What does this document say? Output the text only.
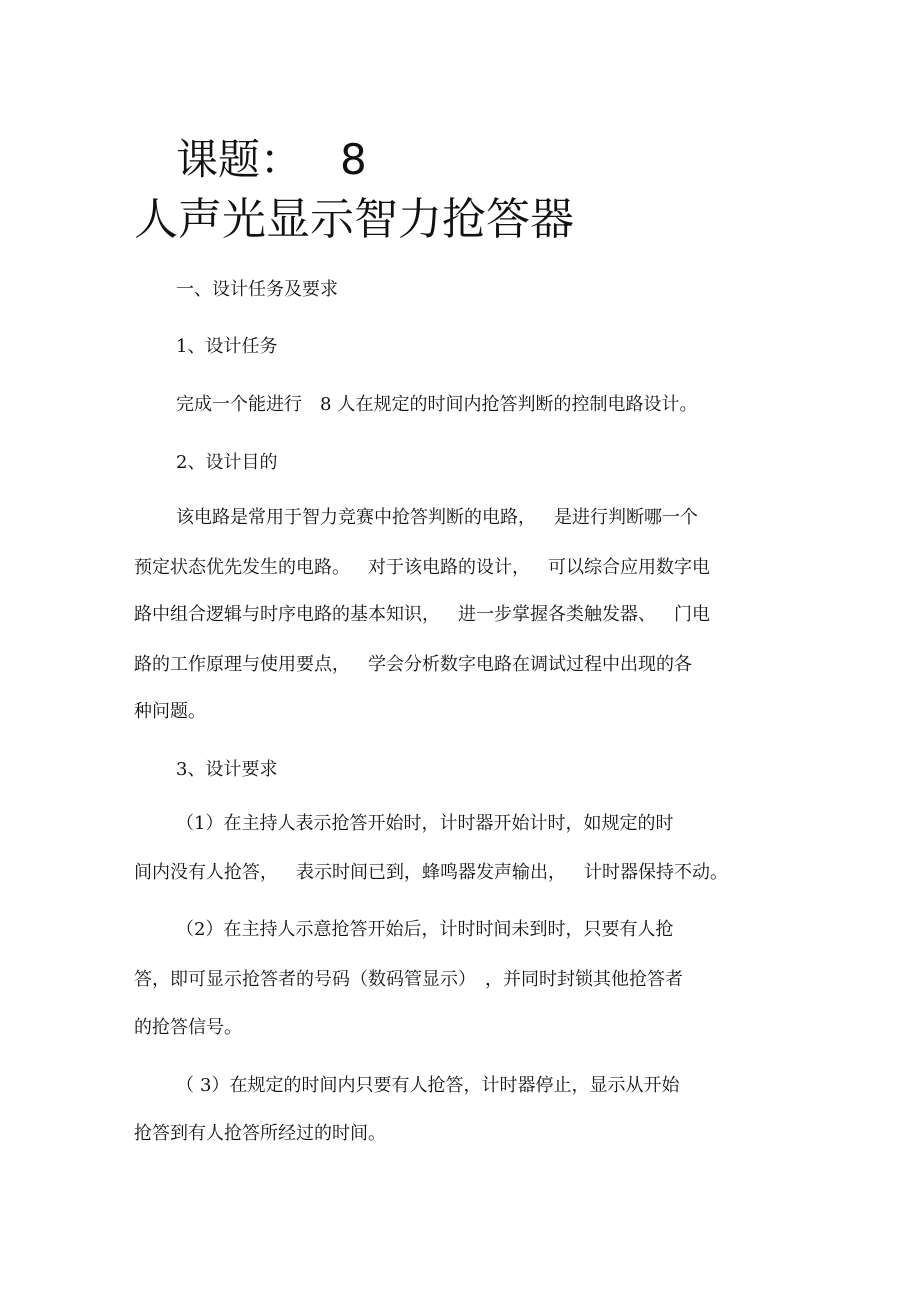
课题： 8
人声光显示智力抢答器

一、设计任务及要求

1、设计任务

完成一个能进行 8 人在规定的时间内抢答判断的控制电路设计。

2、设计目的

该电路是常用于智力竞赛中抢答判断的电路， 是进行判断哪一个

预定状态优先发生的电路。 对于该电路的设计， 可以综合应用数字电

路中组合逻辑与时序电路的基本知识， 进一步掌握各类触发器、 门电

路的工作原理与使用要点， 学会分析数字电路在调试过程中出现的各

种问题。

3、设计要求

（1）在主持人表示抢答开始时，计时器开始计时，如规定的时

间内没有人抢答， 表示时间已到，蜂鸣器发声输出， 计时器保持不动。

（2）在主持人示意抢答开始后，计时时间未到时，只要有人抢

答，即可显示抢答者的号码（数码管显示） ，并同时封锁其他抢答者

的抢答信号。

（ 3）在规定的时间内只要有人抢答，计时器停止，显示从开始

抢答到有人抢答所经过的时间。
